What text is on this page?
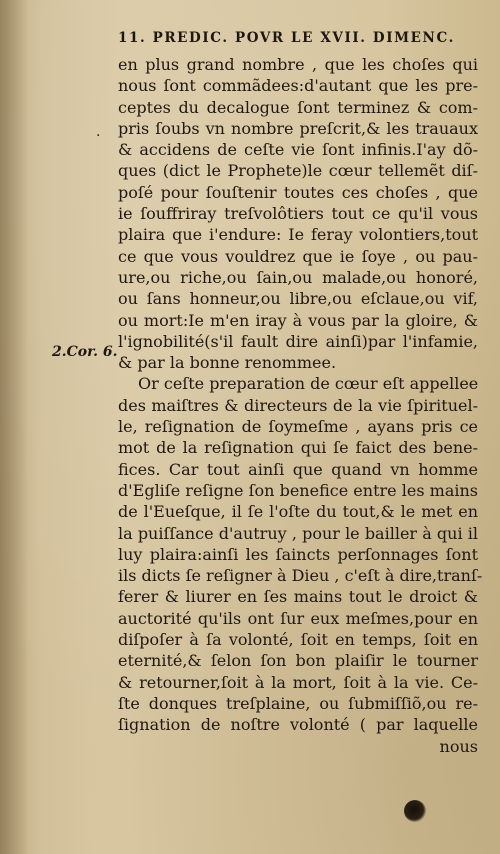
11. PREDIC. POVR LE XVII. DIMENC.
.
2.Cor. 6.
en plus grand nombre , que les choſes qui
nous ſont commãdees:d'autant que les pre-
ceptes du decalogue ſont terminez & com-
pris ſoubs vn nombre preſcrit,& les trauaux
& accidens de ceſte vie ſont infinis.I'ay dõ-
ques (dict le Prophete)le cœur tellemẽt diſ-
poſé pour ſouſtenir toutes ces choſes , que
ie ſouffriray treſvolôtiers tout ce qu'il vous
plaira que i'endure: Ie feray volontiers,tout
ce que vous vouldrez que ie ſoye , ou pau-
ure,ou riche,ou ſain,ou malade,ou honoré,
ou ſans honneur,ou libre,ou eſclaue,ou vif,
ou mort:Ie m'en iray à vous par la gloire, &
l'ignobilité(s'il fault dire ainſi)par l'infamie,
& par la bonne renommee.
Or ceſte preparation de cœur eſt appellee
des maiſtres & directeurs de la vie ſpirituel-
le, reſignation de ſoymeſme , ayans pris ce
mot de la reſignation qui ſe faict des bene-
fices. Car tout ainſi que quand vn homme
d'Egliſe reſigne ſon benefice entre les mains
de l'Eueſque, il ſe l'oſte du tout,& le met en
la puiſſance d'autruy , pour le bailler à qui il
luy plaira:ainſi les ſaincts perſonnages ſont
ils dicts ſe reſigner à Dieu , c'eſt à dire,tranſ-
ferer & liurer en ſes mains tout le droict &
auctorité qu'ils ont ſur eux meſmes,pour en
diſpoſer à ſa volonté, ſoit en temps, ſoit en
eternité,& ſelon ſon bon plaiſir le tourner
& retourner,ſoit à la mort, ſoit à la vie. Ce-
ſte donques treſplaine, ou ſubmiſſiõ,ou re-
ſignation de noſtre volonté ( par laquelle
nous
